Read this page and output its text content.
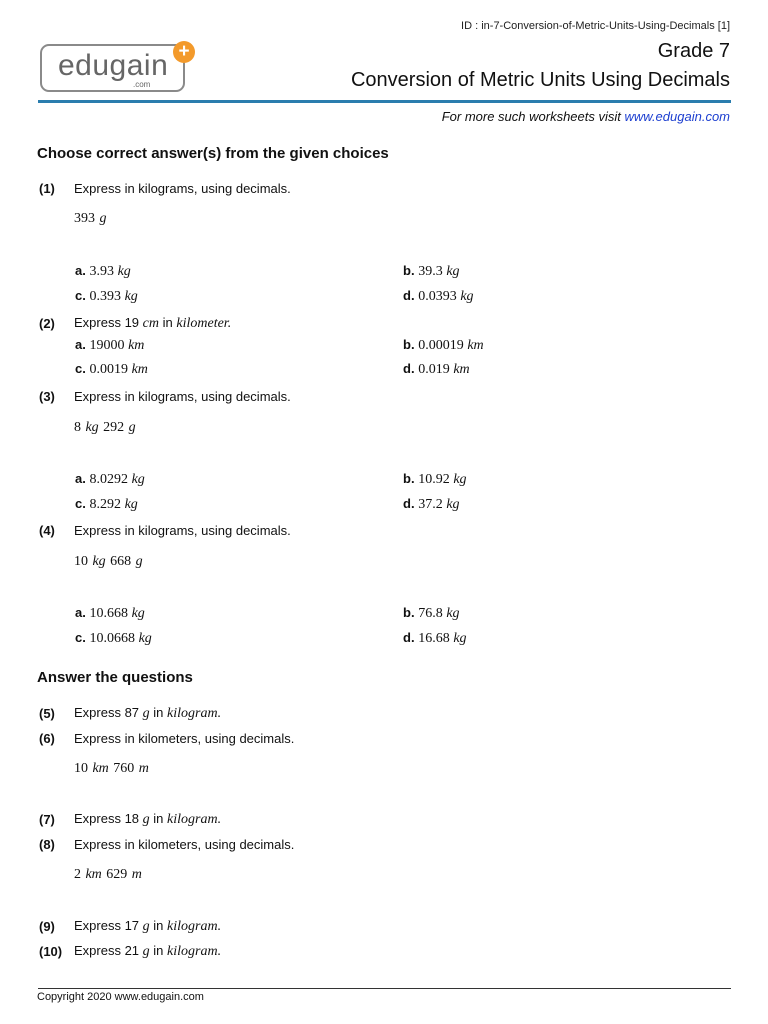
ID : in-7-Conversion-of-Metric-Units-Using-Decimals [1]
edugain
.com
+	Grade 7
Conversion of Metric Units Using Decimals
For more such worksheets visit www.edugain.com
Choose correct answer(s) from the given choices
(1) Express in kilograms, using decimals.
393 g
a. 3.93 kg	b. 39.3 kg
c. 0.393 kg	d. 0.0393 kg
(2) Express 19 cm in kilometer.
a. 19000 km	b. 0.00019 km
c. 0.0019 km	d. 0.019 km
(3) Express in kilograms, using decimals.
8 kg 292 g
a. 8.0292 kg	b. 10.92 kg
c. 8.292 kg	d. 37.2 kg
(4) Express in kilograms, using decimals.
10 kg 668 g
a. 10.668 kg	b. 76.8 kg
c. 10.0668 kg	d. 16.68 kg
Answer the questions
(5) Express 87 g in kilogram.
(6) Express in kilometers, using decimals.
10 km 760 m
(7) Express 18 g in kilogram.
(8) Express in kilometers, using decimals.
2 km 629 m
(9) Express 17 g in kilogram.
(10) Express 21 g in kilogram.
Copyright 2020 www.edugain.com
